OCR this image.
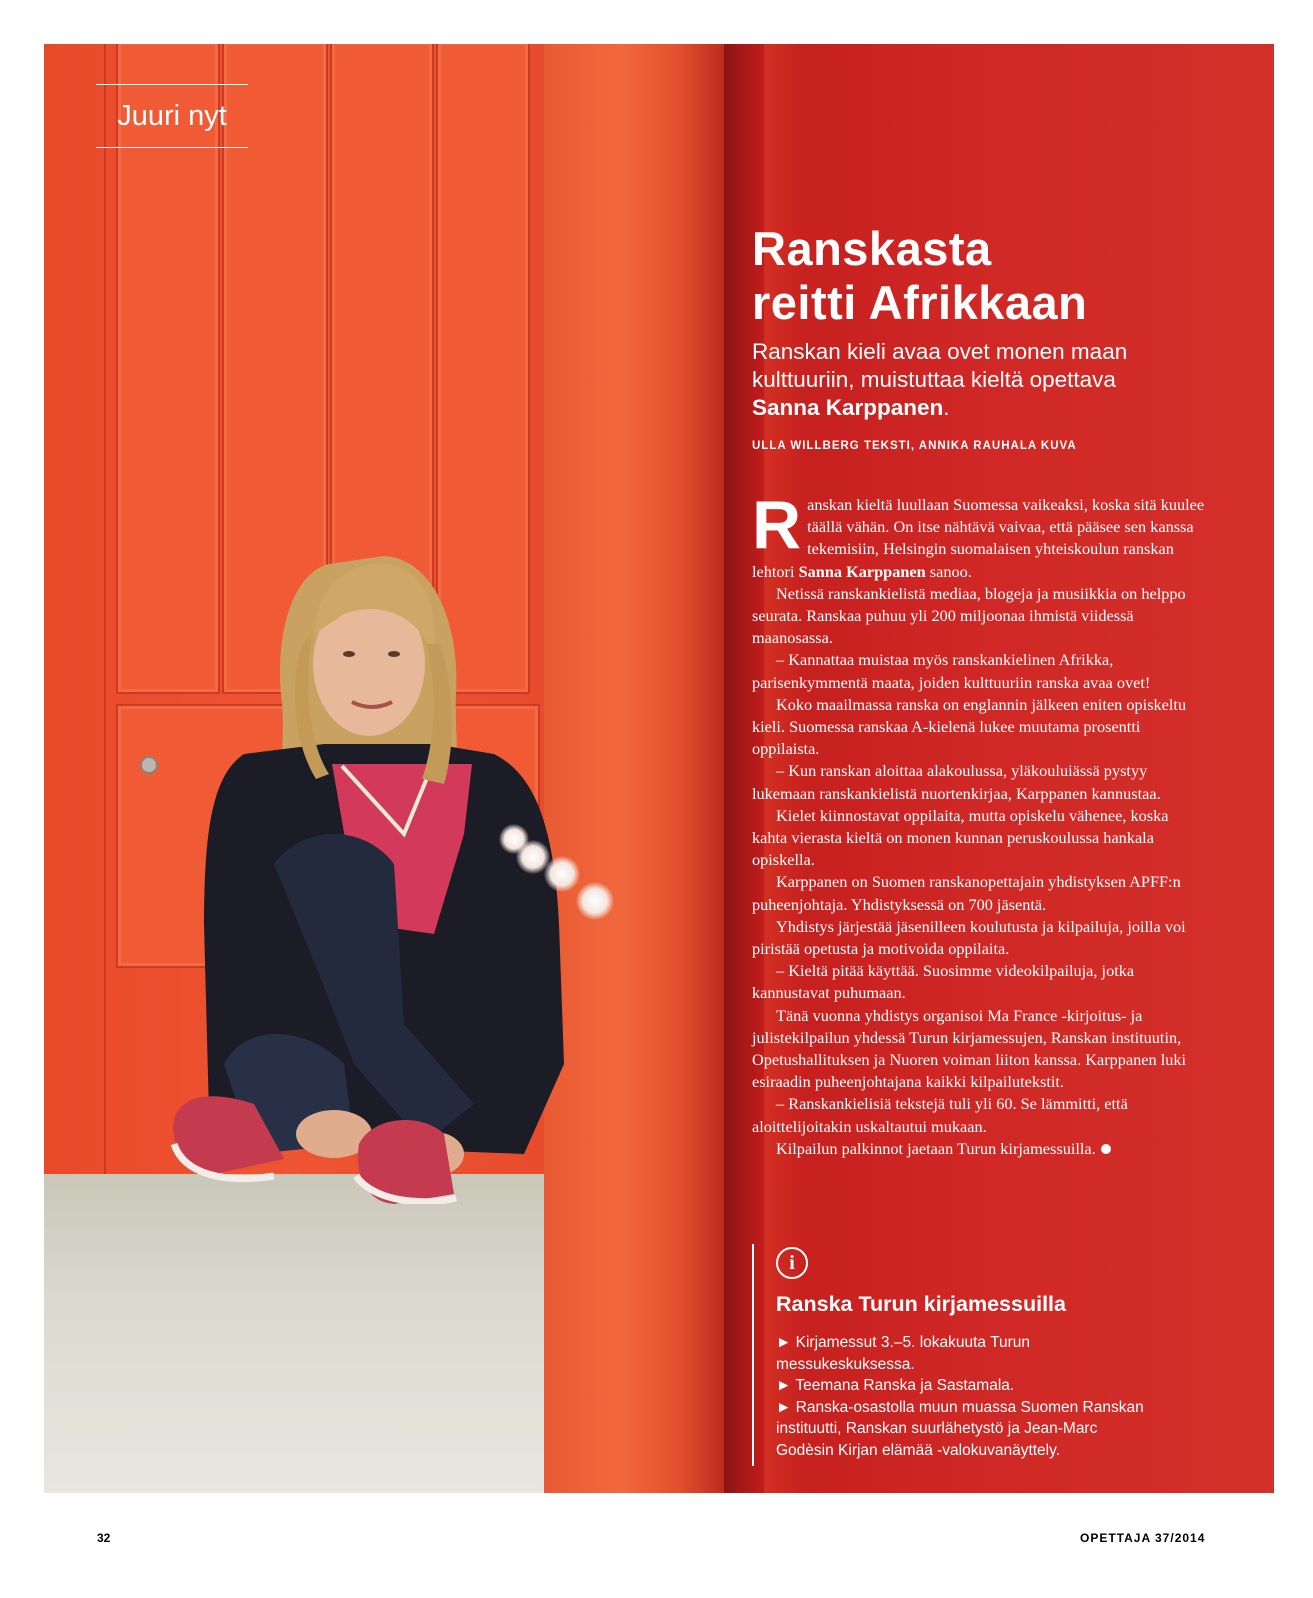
Juuri nyt
Ranskasta
reitti Afrikkaan
Ranskan kieli avaa ovet monen maan kulttuuriin, muistuttaa kieltä opettava Sanna Karppanen.
ULLA WILLBERG TEKSTI, ANNIKA RAUHALA KUVA

Ranskan kieltä luullaan Suomessa vaikeaksi, koska sitä kuulee täällä vähän. On itse nähtävä vaivaa, että pääsee sen kanssa tekemisiin, Helsingin suomalaisen yhteiskoulun ranskan lehtori Sanna Karppanen sanoo.

Netissä ranskankielistä mediaa, blogeja ja musiikkia on helppo seurata. Ranskaa puhuu yli 200 miljoonaa ihmistä viidessä maanosassa.

– Kannattaa muistaa myös ranskankielinen Afrikka, parisenkymmentä maata, joiden kulttuuriin ranska avaa ovet!

Koko maailmassa ranska on englannin jälkeen eniten opiskeltu kieli. Suomessa ranskaa A-kielenä lukee muutama prosentti oppilaista.

– Kun ranskan aloittaa alakoulussa, yläkouluiässä pystyy lukemaan ranskankielistä nuortenkirjaa, Karppanen kannustaa.

Kielet kiinnostavat oppilaita, mutta opiskelu vähenee, koska kahta vierasta kieltä on monen kunnan peruskoulussa hankala opiskella.

Karppanen on Suomen ranskanopettajain yhdistyksen APFF:n puheenjohtaja. Yhdistyksessä on 700 jäsentä.

Yhdistys järjestää jäsenilleen koulutusta ja kilpailuja, joilla voi piristää opetusta ja motivoida oppilaita.

– Kieltä pitää käyttää. Suosimme videokilpailuja, jotka kannustavat puhumaan.

Tänä vuonna yhdistys organisoi Ma France -kirjoitus- ja julistekilpailun yhdessä Turun kirjamessujen, Ranskan instituutin, Opetushallituksen ja Nuoren voiman liiton kanssa. Karppanen luki esiraadin puheenjohtajana kaikki kilpailutekstit.

– Ranskankielisiä tekstejä tuli yli 60. Se lämmitti, että aloittelijoitakin uskaltautui mukaan.

Kilpailun palkinnot jaetaan Turun kirjamessuilla.

i
Ranska Turun kirjamessuilla
► Kirjamessut 3.–5. lokakuuta Turun messukeskuksessa.
► Teemana Ranska ja Sastamala.
► Ranska-osastolla muun muassa Suomen Ranskan instituutti, Ranskan suurlähetystö ja Jean-Marc Godèsin Kirjan elämää -valokuvanäyttely.
32	OPETTAJA 37/2014
